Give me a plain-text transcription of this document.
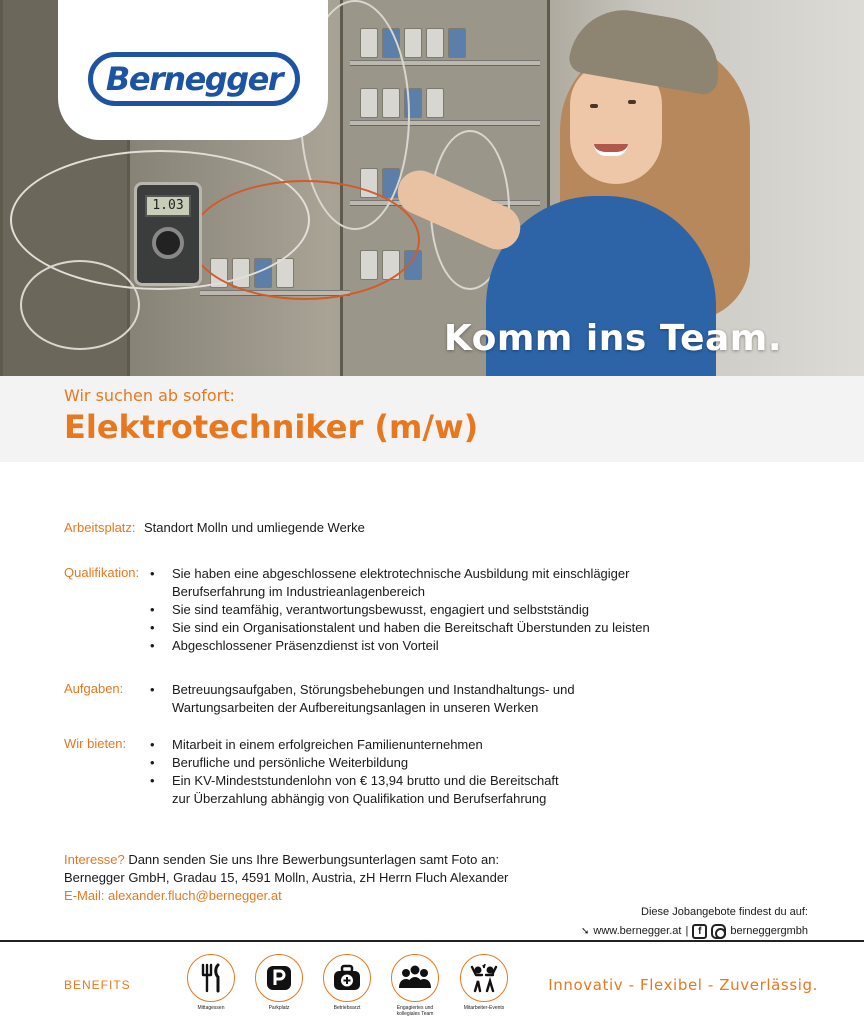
1.03
Komm ins Team.
Bernegger
Wir suchen ab sofort:
Elektrotechniker (m/w)
Arbeitsplatz: Standort Molln und umliegende Werke
Qualifikation:	• Sie haben eine abgeschlossene elektrotechnische Ausbildung mit einschlägiger
Berufserfahrung im Industrieanlagenbereich
• Sie sind teamfähig, verantwortungsbewusst, engagiert und selbstständig
• Sie sind ein Organisationstalent und haben die Bereitschaft Überstunden zu leisten
• Abgeschlossener Präsenzdienst ist von Vorteil
Aufgaben:	• Betreuungsaufgaben, Störungsbehebungen und Instandhaltungs- und
Wartungsarbeiten der Aufbereitungsanlagen in unseren Werken
Wir bieten:	• Mitarbeit in einem erfolgreichen Familienunternehmen
• Berufliche und persönliche Weiterbildung
• Ein KV-Mindeststundenlohn von € 13,94 brutto und die Bereitschaft
zur Überzahlung abhängig von Qualifikation und Berufserfahrung
Interesse? Dann senden Sie uns Ihre Bewerbungsunterlagen samt Foto an:
Bernegger GmbH, Gradau 15, 4591 Molln, Austria, zH Herrn Fluch Alexander
E-Mail: alexander.fluch@bernegger.at
Diese Jobangebote findest du auf:
➘ www.bernegger.at | f	berneggergmbh
BENEFITS
Mittagessen	Parkplatz	Betriebsarzt	Engagiertes und kollegiales Team
Mitarbeiter-Events
Innovativ - Flexibel - Zuverlässig.
